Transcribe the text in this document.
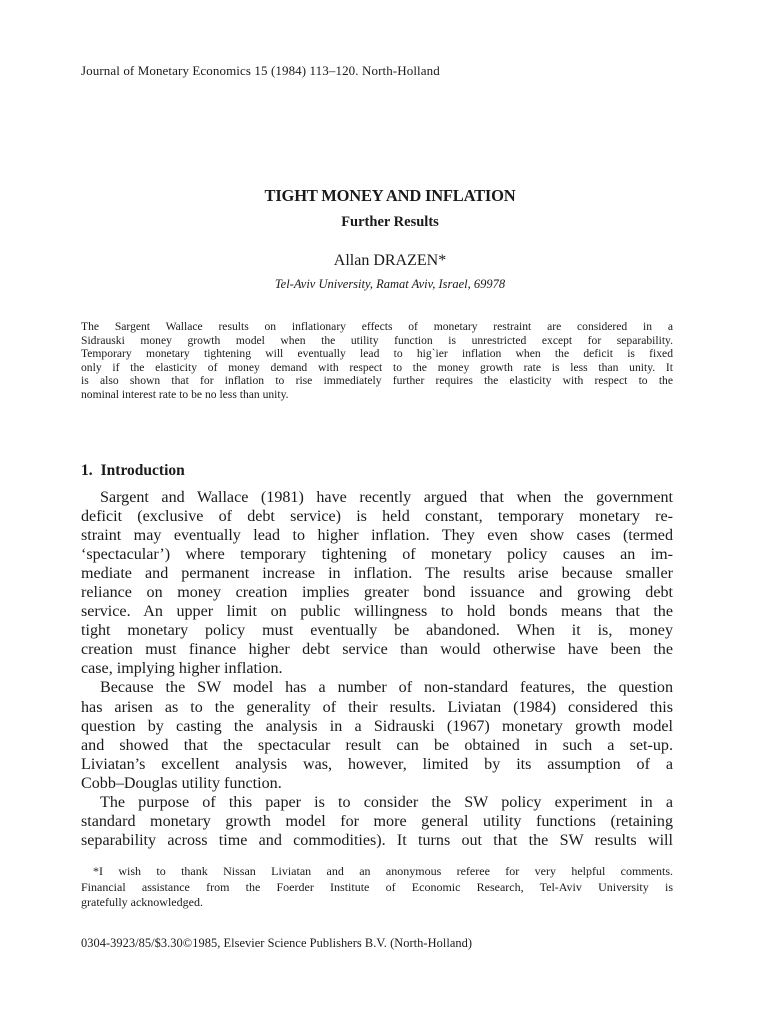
Journal of Monetary Economics 15 (1984) 113–120. North-Holland
TIGHT MONEY AND INFLATION
Further Results
Allan DRAZEN*
Tel-Aviv University, Ramat Aviv, Israel, 69978
The Sargent Wallace results on inflationary effects of monetary restraint are considered in a
Sidrauski money growth model when the utility function is unrestricted except for separability.
Temporary monetary tightening will eventually lead to hig`ier inflation when the deficit is fixed
only if the elasticity of money demand with respect to the money growth rate is less than unity. It
is also shown that for inflation to rise immediately further requires the elasticity with respect to the
nominal interest rate to be no less than unity.
1. Introduction
Sargent and Wallace (1981) have recently argued that when the government
deficit (exclusive of debt service) is held constant, temporary monetary re-
straint may eventually lead to higher inflation. They even show cases (termed
‘spectacular’) where temporary tightening of monetary policy causes an im-
mediate and permanent increase in inflation. The results arise because smaller
reliance on money creation implies greater bond issuance and growing debt
service. An upper limit on public willingness to hold bonds means that the
tight monetary policy must eventually be abandoned. When it is, money
creation must finance higher debt service than would otherwise have been the
case, implying higher inflation.
Because the SW model has a number of non-standard features, the question
has arisen as to the generality of their results. Liviatan (1984) considered this
question by casting the analysis in a Sidrauski (1967) monetary growth model
and showed that the spectacular result can be obtained in such a set-up.
Liviatan’s excellent analysis was, however, limited by its assumption of a
Cobb–Douglas utility function.
The purpose of this paper is to consider the SW policy experiment in a
standard monetary growth model for more general utility functions (retaining
separability across time and commodities). It turns out that the SW results will
*I wish to thank Nissan Liviatan and an anonymous referee for very helpful comments.
Financial assistance from the Foerder Institute of Economic Research, Tel-Aviv University is
gratefully acknowledged.
0304-3923/85/$3.30©1985, Elsevier Science Publishers B.V. (North-Holland)
